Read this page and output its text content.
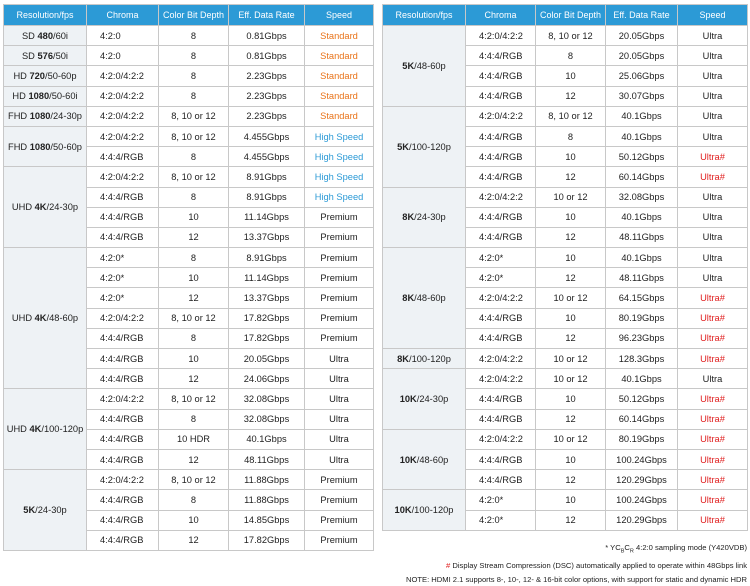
Resolution/fps	Chroma	Color Bit Depth	Eff. Data Rate	Speed
SD 480/60i	4:2:0	8	0.81Gbps	Standard
SD 576/50i	4:2:0	8	0.81Gbps	Standard
HD 720/50-60p	4:2:0/4:2:2	8	2.23Gbps	Standard
HD 1080/50-60i	4:2:0/4:2:2	8	2.23Gbps	Standard
FHD 1080/24-30p	4:2:0/4:2:2	8, 10 or 12	2.23Gbps	Standard
FHD 1080/50-60p	4:2:0/4:2:2	8, 10 or 12	4.455Gbps	High Speed
	4:4:4/RGB	8	4.455Gbps	High Speed
UHD 4K/24-30p	4:2:0/4:2:2	8, 10 or 12	8.91Gbps	High Speed
	4:4:4/RGB	8	8.91Gbps	High Speed
	4:4:4/RGB	10	11.14Gbps	Premium
	4:4:4/RGB	12	13.37Gbps	Premium
UHD 4K/48-60p	4:2:0*	8	8.91Gbps	Premium
	4:2:0*	10	11.14Gbps	Premium
	4:2:0*	12	13.37Gbps	Premium
	4:2:0/4:2:2	8, 10 or 12	17.82Gbps	Premium
	4:4:4/RGB	8	17.82Gbps	Premium
	4:4:4/RGB	10	20.05Gbps	Ultra
	4:4:4/RGB	12	24.06Gbps	Ultra
UHD 4K/100-120p	4:2:0/4:2:2	8, 10 or 12	32.08Gbps	Ultra
	4:4:4/RGB	8	32.08Gbps	Ultra
	4:4:4/RGB	10 HDR	40.1Gbps	Ultra
	4:4:4/RGB	12	48.11Gbps	Ultra
5K/24-30p	4:2:0/4:2:2	8, 10 or 12	11.88Gbps	Premium
	4:4:4/RGB	8	11.88Gbps	Premium
	4:4:4/RGB	10	14.85Gbps	Premium
	4:4:4/RGB	12	17.82Gbps	Premium
Resolution/fps	Chroma	Color Bit Depth	Eff. Data Rate	Speed
5K/48-60p	4:2:0/4:2:2	8, 10 or 12	20.05Gbps	Ultra
	4:4:4/RGB	8	20.05Gbps	Ultra
	4:4:4/RGB	10	25.06Gbps	Ultra
	4:4:4/RGB	12	30.07Gbps	Ultra
5K/100-120p	4:2:0/4:2:2	8, 10 or 12	40.1Gbps	Ultra
	4:4:4/RGB	8	40.1Gbps	Ultra
	4:4:4/RGB	10	50.12Gbps	Ultra#
	4:4:4/RGB	12	60.14Gbps	Ultra#
8K/24-30p	4:2:0/4:2:2	10 or 12	32.08Gbps	Ultra
	4:4:4/RGB	10	40.1Gbps	Ultra
	4:4:4/RGB	12	48.11Gbps	Ultra
8K/48-60p	4:2:0*	10	40.1Gbps	Ultra
	4:2:0*	12	48.11Gbps	Ultra
	4:2:0/4:2:2	10 or 12	64.15Gbps	Ultra#
	4:4:4/RGB	10	80.19Gbps	Ultra#
	4:4:4/RGB	12	96.23Gbps	Ultra#
8K/100-120p	4:2:0/4:2:2	10 or 12	128.3Gbps	Ultra#
10K/24-30p	4:2:0/4:2:2	10 or 12	40.1Gbps	Ultra
	4:4:4/RGB	10	50.12Gbps	Ultra#
	4:4:4/RGB	12	60.14Gbps	Ultra#
10K/48-60p	4:2:0/4:2:2	10 or 12	80.19Gbps	Ultra#
	4:4:4/RGB	10	100.24Gbps	Ultra#
	4:4:4/RGB	12	120.29Gbps	Ultra#
10K/100-120p	4:2:0*	10	100.24Gbps	Ultra#
	4:2:0*	12	120.29Gbps	Ultra#
* $YC_BC_R$ 4:2:0 sampling mode (Y420VDB)
# Display Stream Compression (DSC) automatically applied to operate within 48Gbps link
NOTE: HDMI 2.1 supports 8-, 10-, 12- & 16-bit color options, with support for static and dynamic HDR
